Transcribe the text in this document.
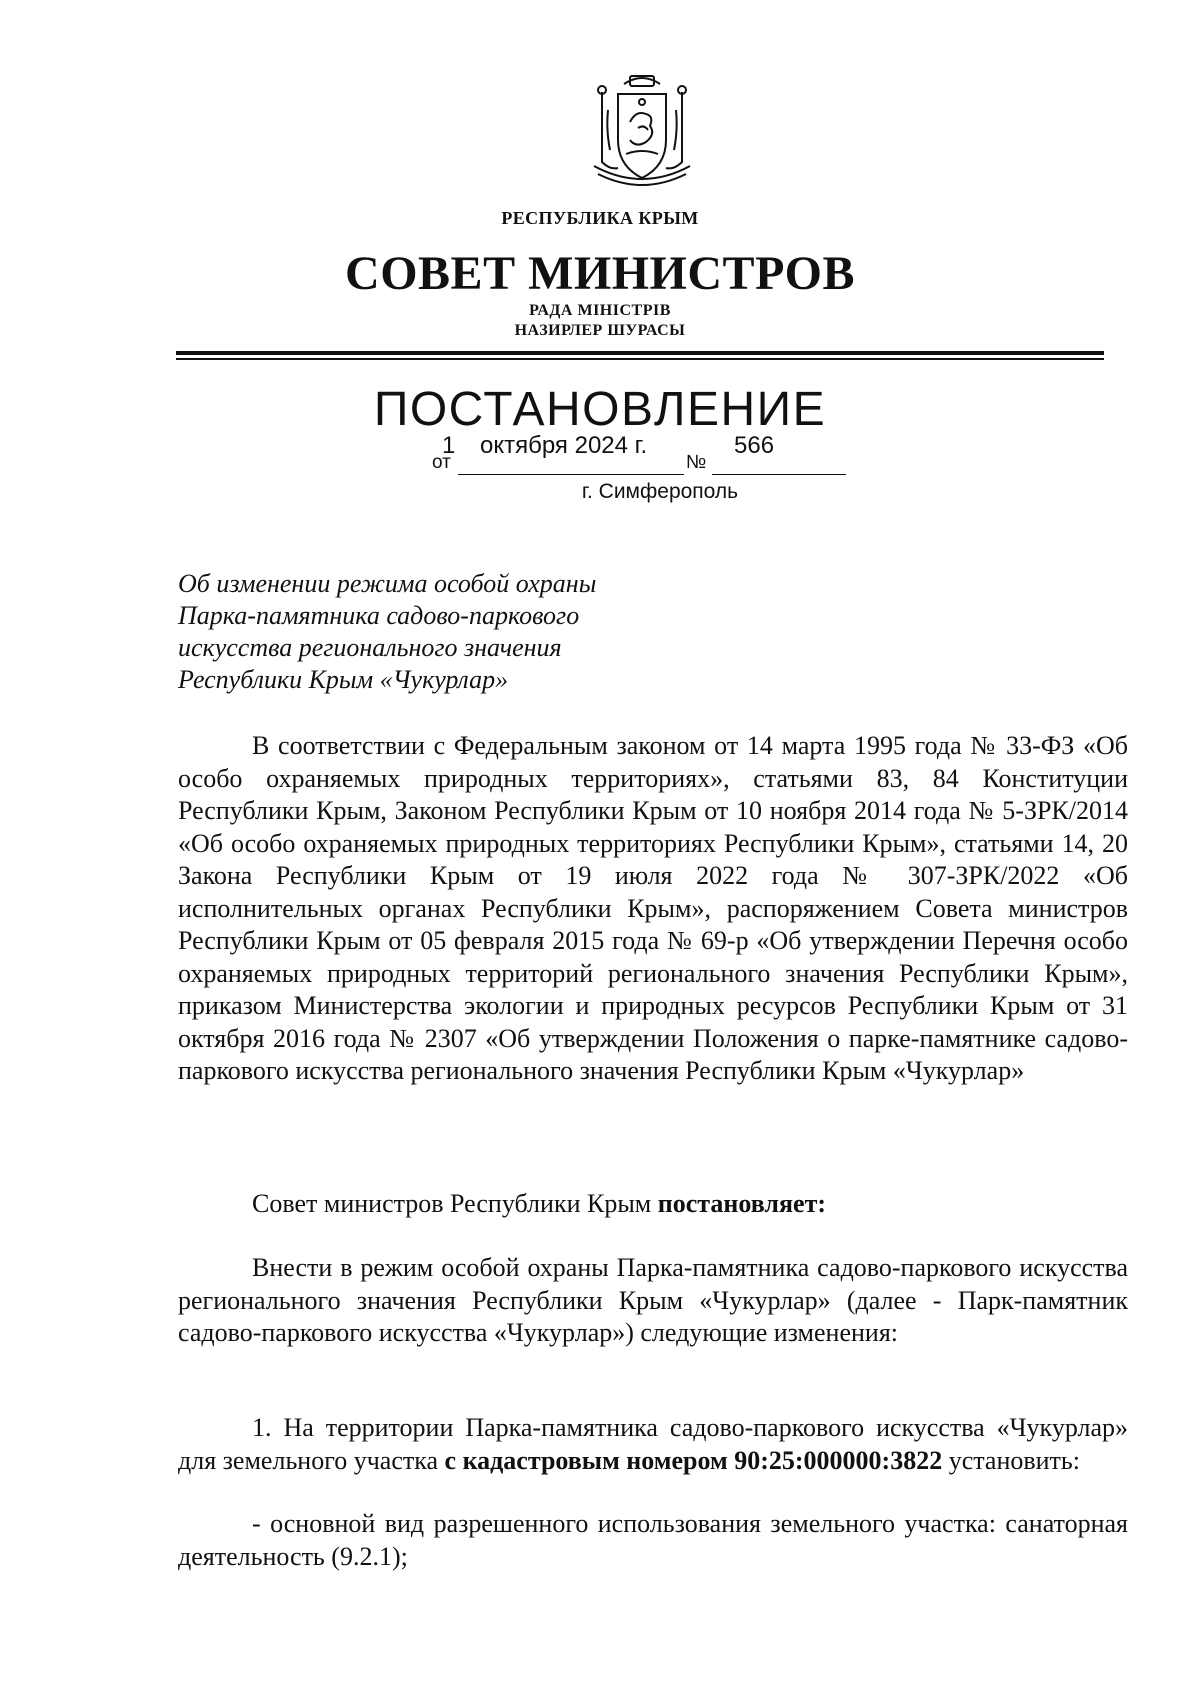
РЕСПУБЛИКА КРЫМ
СОВЕТ МИНИСТРОВ
РАДА МІНІСТРІВ
НАЗИРЛЕР ШУРАСЫ
ПОСТАНОВЛЕНИЕ
от
1 октября 2024 г.
№
566
г. Симферополь
Об изменении режима особой охраны
Парка-памятника садово-паркового
искусства регионального значения
Республики Крым «Чукурлар»

В соответствии с Федеральным законом от 14 марта 1995 года № 33-ФЗ «Об особо охраняемых природных территориях», статьями 83, 84 Конституции Республики Крым, Законом Республики Крым от 10 ноября 2014 года № 5-ЗРК/2014 «Об особо охраняемых природных территориях Республики Крым», статьями 14, 20 Закона Республики Крым от 19 июля 2022 года № 307-ЗРК/2022 «Об исполнительных органах Республики Крым», распоряжением Совета министров Республики Крым от 05 февраля 2015 года № 69-р «Об утверждении Перечня особо охраняемых природных территорий регионального значения Республики Крым», приказом Министерства экологии и природных ресурсов Республики Крым от 31 октября 2016 года № 2307 «Об утверждении Положения о парке-памятнике садово-паркового искусства регионального значения Республики Крым «Чукурлар»

Совет министров Республики Крым постановляет:

Внести в режим особой охраны Парка-памятника садово-паркового искусства регионального значения Республики Крым «Чукурлар» (далее - Парк-памятник садово-паркового искусства «Чукурлар») следующие изменения:

1. На территории Парка-памятника садово-паркового искусства «Чукурлар» для земельного участка с кадастровым номером 90:25:000000:3822 установить:

- основной вид разрешенного использования земельного участка: санаторная деятельность (9.2.1);
